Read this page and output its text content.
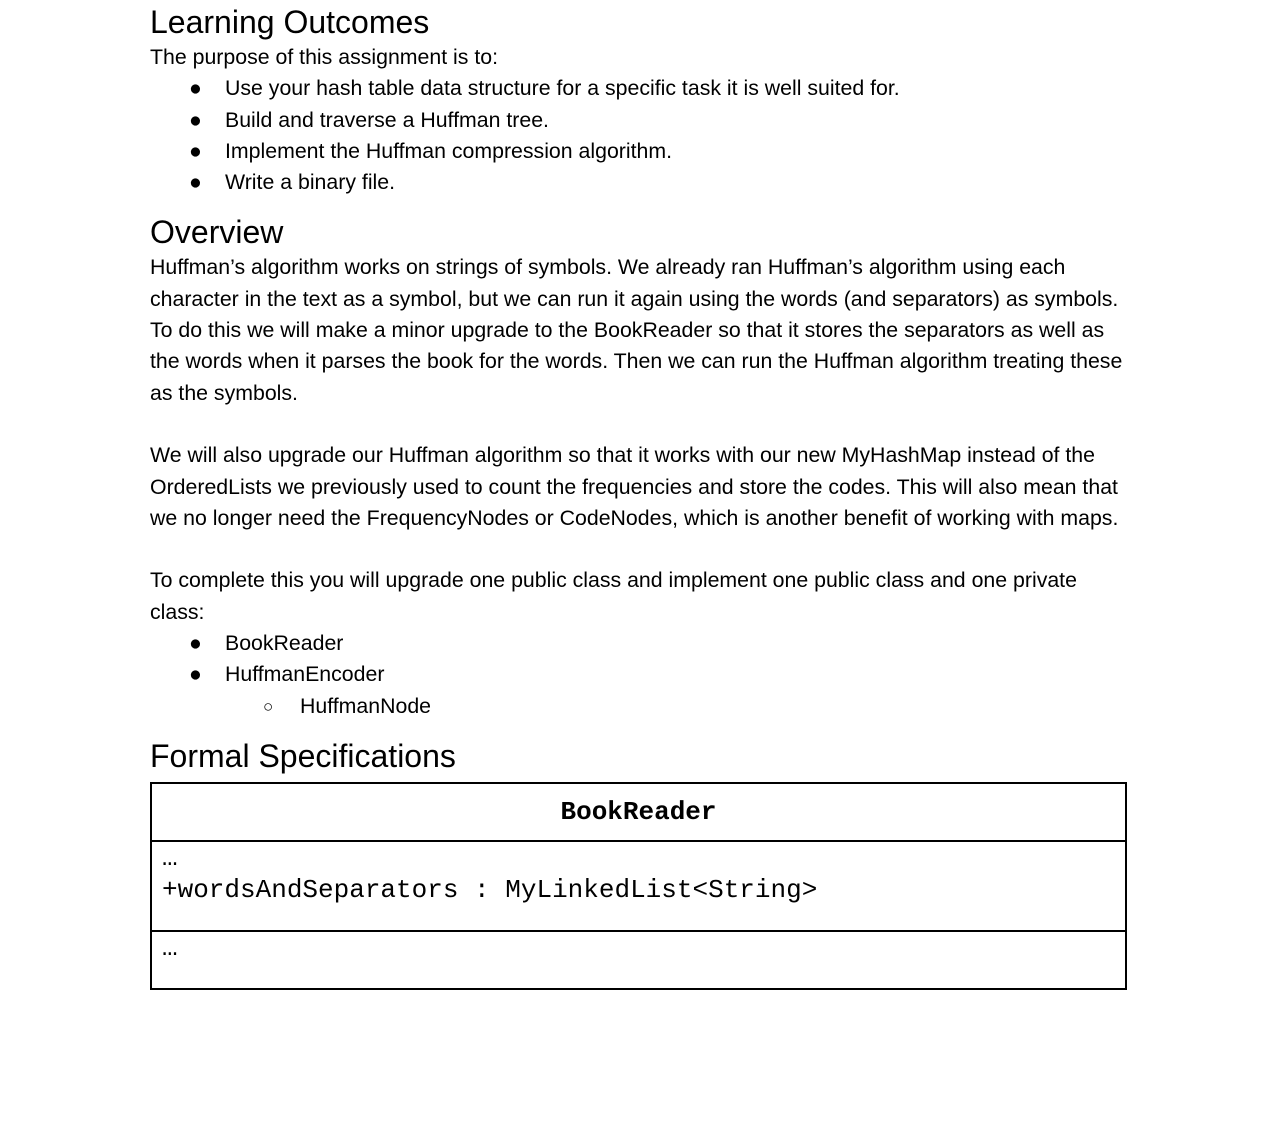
Learning Outcomes

The purpose of this assignment is to:

● Use your hash table data structure for a specific task it is well suited for.
● Build and traverse a Huffman tree.
● Implement the Huffman compression algorithm.
● Write a binary file.
Overview

Huffman’s algorithm works on strings of symbols. We already ran Huffman’s algorithm using each character in the text as a symbol, but we can run it again using the words (and separators) as symbols. To do this we will make a minor upgrade to the BookReader so that it stores the separators as well as the words when it parses the book for the words. Then we can run the Huffman algorithm treating these as the symbols.

We will also upgrade our Huffman algorithm so that it works with our new MyHashMap instead of the OrderedLists we previously used to count the frequencies and store the codes. This will also mean that we no longer need the FrequencyNodes or CodeNodes, which is another benefit of working with maps.

To complete this you will upgrade one public class and implement one public class and one private class:

● BookReader
● HuffmanEncoder
○ HuffmanNode
Formal Specifications
BookReader

…
+wordsAndSeparators : MyLinkedList<String>

…
